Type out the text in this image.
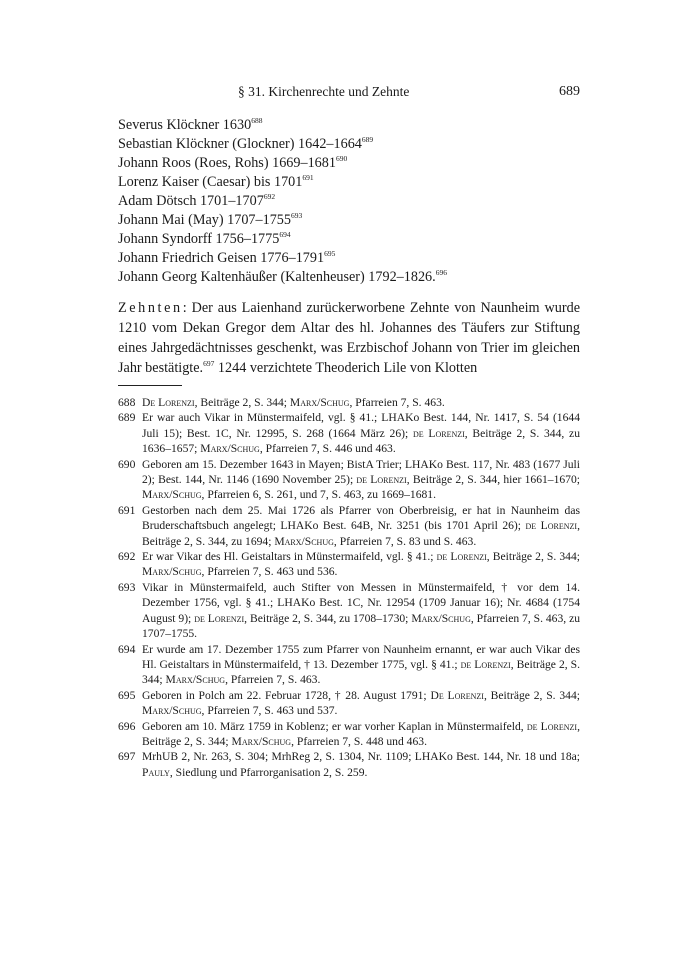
§ 31. Kirchenrechte und Zehnte	689
Severus Klöckner 1630$^{688}$
Sebastian Klöckner (Glockner) 1642–1664$^{689}$
Johann Roos (Roes, Rohs) 1669–1681$^{690}$
Lorenz Kaiser (Caesar) bis 1701$^{691}$
Adam Dötsch 1701–1707$^{692}$
Johann Mai (May) 1707–1755$^{693}$
Johann Syndorff 1756–1775$^{694}$
Johann Friedrich Geisen 1776–1791$^{695}$
Johann Georg Kaltenhäußer (Kaltenheuser) 1792–1826.$^{696}$
Zehnten: Der aus Laienhand zurückerworbene Zehnte von Naunheim wurde 1210 vom Dekan Gregor dem Altar des hl. Johannes des Täufers zur Stiftung eines Jahrgedächtnisses geschenkt, was Erzbischof Johann von Trier im gleichen Jahr bestätigte.$^{697}$ 1244 verzichtete Theoderich Lile von Klotten
688 De Lorenzi, Beiträge 2, S. 344; Marx/Schug, Pfarreien 7, S. 463.
689 Er war auch Vikar in Münstermaifeld, vgl. § 41.; LHAKo Best. 144, Nr. 1417, S. 54 (1644 Juli 15); Best. 1C, Nr. 12995, S. 268 (1664 März 26); de Lorenzi, Beiträge 2, S. 344, zu 1636–1657; Marx/Schug, Pfarreien 7, S. 446 und 463.
690 Geboren am 15. Dezember 1643 in Mayen; BistA Trier; LHAKo Best. 117, Nr. 483 (1677 Juli 2); Best. 144, Nr. 1146 (1690 November 25); de Lorenzi, Beiträge 2, S. 344, hier 1661–1670; Marx/Schug, Pfarreien 6, S. 261, und 7, S. 463, zu 1669–1681.
691 Gestorben nach dem 25. Mai 1726 als Pfarrer von Oberbreisig, er hat in Naunheim das Bruderschaftsbuch angelegt; LHAKo Best. 64B, Nr. 3251 (bis 1701 April 26); de Lorenzi, Beiträge 2, S. 344, zu 1694; Marx/Schug, Pfarreien 7, S. 83 und S. 463.
692 Er war Vikar des Hl. Geistaltars in Münstermaifeld, vgl. § 41.; de Lorenzi, Beiträge 2, S. 344; Marx/Schug, Pfarreien 7, S. 463 und 536.
693 Vikar in Münstermaifeld, auch Stifter von Messen in Münstermaifeld, † vor dem 14. Dezember 1756, vgl. § 41.; LHAKo Best. 1C, Nr. 12954 (1709 Januar 16); Nr. 4684 (1754 August 9); de Lorenzi, Beiträge 2, S. 344, zu 1708–1730; Marx/Schug, Pfarreien 7, S. 463, zu 1707–1755.
694 Er wurde am 17. Dezember 1755 zum Pfarrer von Naunheim ernannt, er war auch Vikar des Hl. Geistaltars in Münstermaifeld, † 13. Dezember 1775, vgl. § 41.; de Lorenzi, Beiträge 2, S. 344; Marx/Schug, Pfarreien 7, S. 463.
695 Geboren in Polch am 22. Februar 1728, † 28. August 1791; De Lorenzi, Beiträge 2, S. 344; Marx/Schug, Pfarreien 7, S. 463 und 537.
696 Geboren am 10. März 1759 in Koblenz; er war vorher Kaplan in Münstermaifeld, de Lorenzi, Beiträge 2, S. 344; Marx/Schug, Pfarreien 7, S. 448 und 463.
697 MrhUB 2, Nr. 263, S. 304; MrhReg 2, S. 1304, Nr. 1109; LHAKo Best. 144, Nr. 18 und 18a; Pauly, Siedlung und Pfarrorganisation 2, S. 259.
